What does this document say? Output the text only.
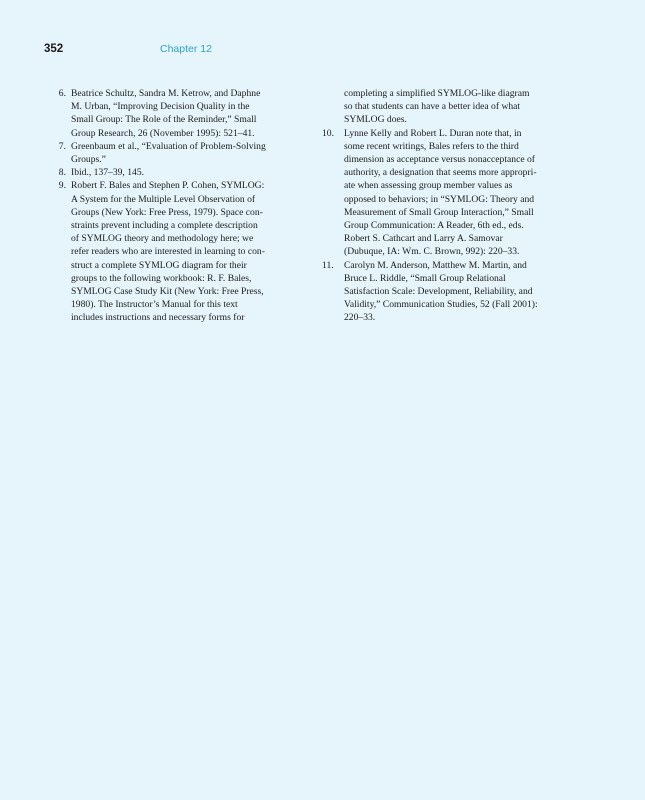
352	Chapter 12
6. Beatrice Schultz, Sandra M. Ketrow, and Daphne
M. Urban, “Improving Decision Quality in the
Small Group: The Role of the Reminder,” Small
Group Research, 26 (November 1995): 521–41.
7. Greenbaum et al., “Evaluation of Problem-Solving
Groups.”
8. Ibid., 137–39, 145.
9. Robert F. Bales and Stephen P. Cohen, SYMLOG:
A System for the Multiple Level Observation of
Groups (New York: Free Press, 1979). Space con-
straints prevent including a complete description
of SYMLOG theory and methodology here; we
refer readers who are interested in learning to con-
struct a complete SYMLOG diagram for their
groups to the following workbook: R. F. Bales,
SYMLOG Case Study Kit (New York: Free Press,
1980). The Instructor’s Manual for this text
includes instructions and necessary forms for
completing a simplified SYMLOG-like diagram
so that students can have a better idea of what
SYMLOG does.
10.	Lynne Kelly and Robert L. Duran note that, in
some recent writings, Bales refers to the third
dimension as acceptance versus nonacceptance of
authority, a designation that seems more appropri-
ate when assessing group member values as
opposed to behaviors; in “SYMLOG: Theory and
Measurement of Small Group Interaction,” Small
Group Communication: A Reader, 6th ed., eds.
Robert S. Cathcart and Larry A. Samovar
(Dubuque, IA: Wm. C. Brown, 992): 220–33.
11.	Carolyn M. Anderson, Matthew M. Martin, and
Bruce L. Riddle, “Small Group Relational
Satisfaction Scale: Development, Reliability, and
Validity,” Communication Studies, 52 (Fall 2001):
220–33.
